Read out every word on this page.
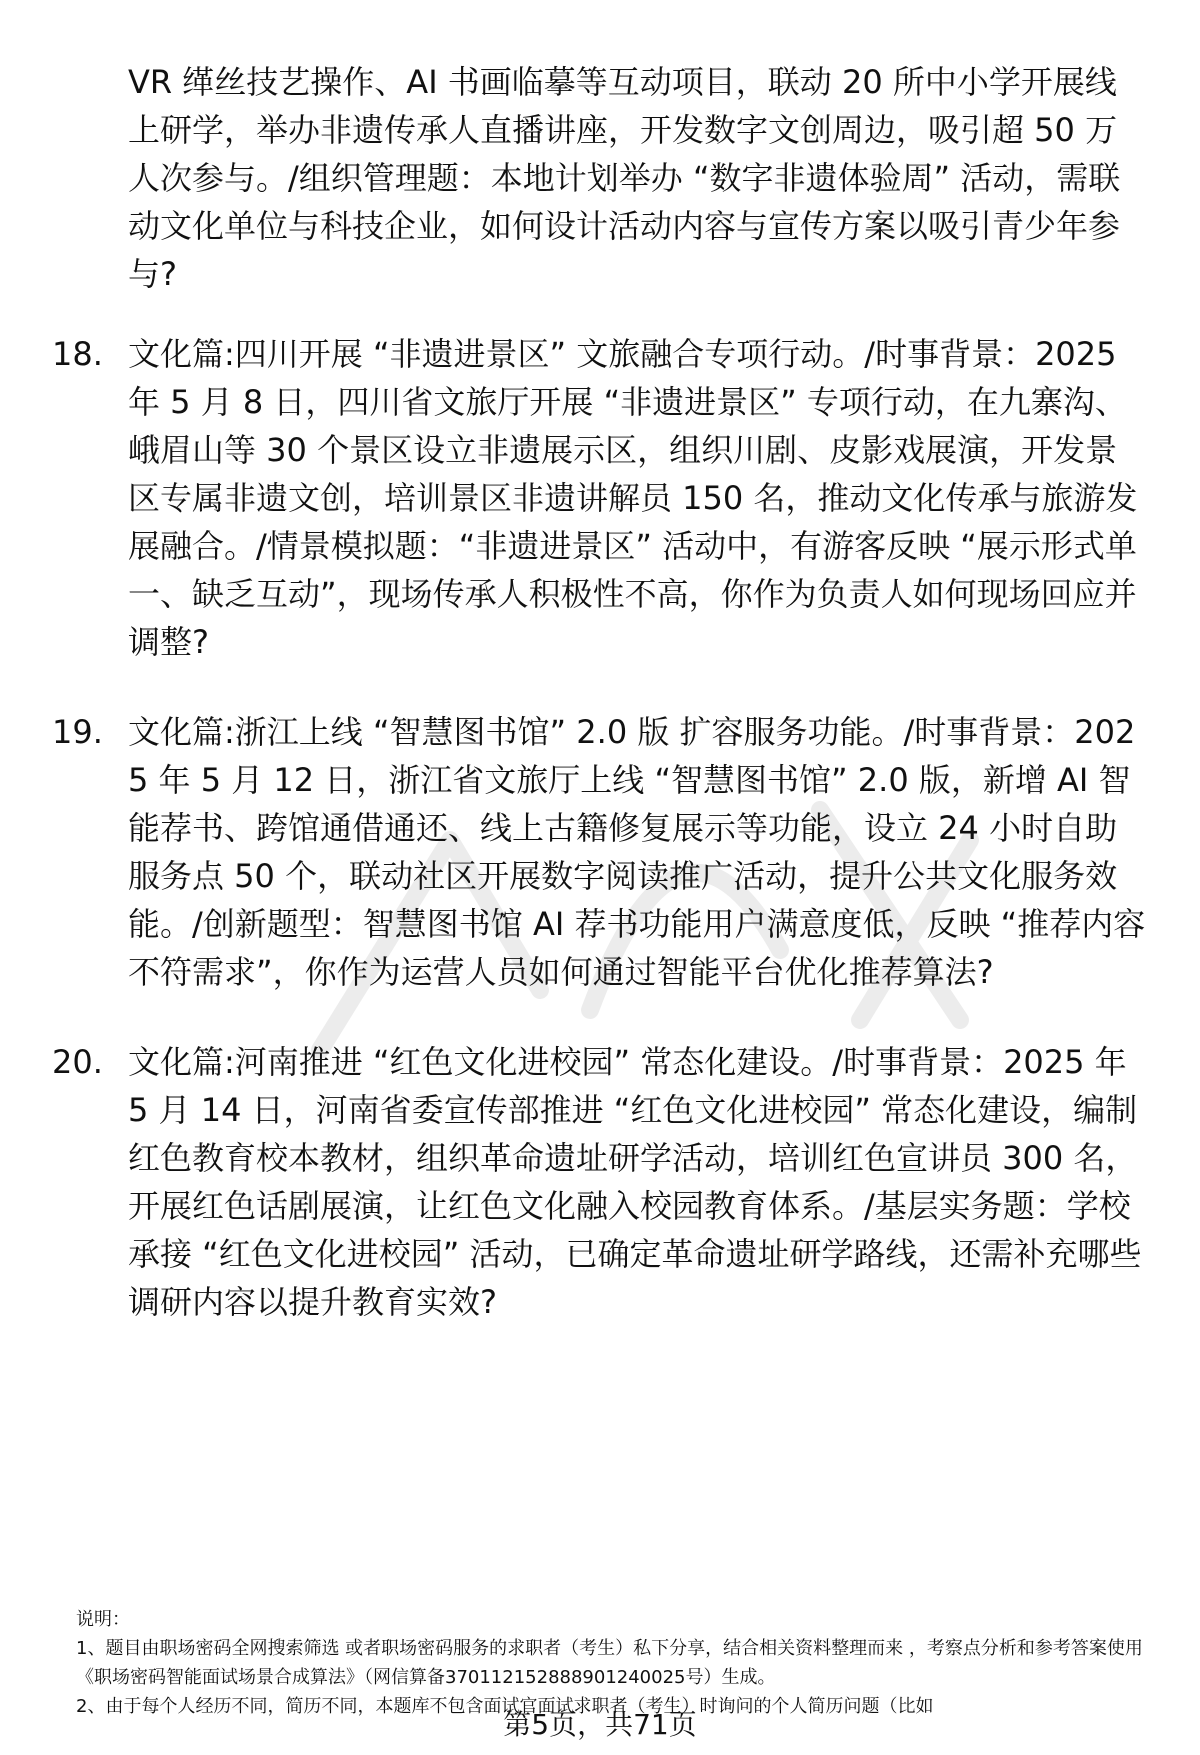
VR 缂丝技艺操作、AI 书画临摹等互动项目，联动 20 所中小学开展线上研学，举办非遗传承人直播讲座，开发数字文创周边，吸引超 50 万人次参与。/组织管理题：本地计划举办 “数字非遗体验周” 活动，需联动文化单位与科技企业，如何设计活动内容与宣传方案以吸引青少年参与?
18. 文化篇:四川开展 “非遗进景区” 文旅融合专项行动。/时事背景：2025 年 5 月 8 日，四川省文旅厅开展 “非遗进景区” 专项行动，在九寨沟、峨眉山等 30 个景区设立非遗展示区，组织川剧、皮影戏展演，开发景区专属非遗文创，培训景区非遗讲解员 150 名，推动文化传承与旅游发展融合。/情景模拟题：“非遗进景区” 活动中，有游客反映 “展示形式单一、缺乏互动”，现场传承人积极性不高，你作为负责人如何现场回应并调整?
19. 文化篇:浙江上线 “智慧图书馆” 2.0 版 扩容服务功能。/时事背景：2025 年 5 月 12 日，浙江省文旅厅上线 “智慧图书馆” 2.0 版，新增 AI 智能荐书、跨馆通借通还、线上古籍修复展示等功能，设立 24 小时自助服务点 50 个，联动社区开展数字阅读推广活动，提升公共文化服务效能。/创新题型：智慧图书馆 AI 荐书功能用户满意度低，反映 “推荐内容不符需求”，你作为运营人员如何通过智能平台优化推荐算法?
20. 文化篇:河南推进 “红色文化进校园” 常态化建设。/时事背景：2025 年 5 月 14 日，河南省委宣传部推进 “红色文化进校园” 常态化建设，编制红色教育校本教材，组织革命遗址研学活动，培训红色宣讲员 300 名，开展红色话剧展演，让红色文化融入校园教育体系。/基层实务题：学校承接 “红色文化进校园” 活动，已确定革命遗址研学路线，还需补充哪些调研内容以提升教育实效?

说明：

1、题目由职场密码全网搜索筛选 或者职场密码服务的求职者（考生）私下分享，结合相关资料整理而来 ，考察点分析和参考答案使用《职场密码智能面试场景合成算法》（网信算备370112152888901240025号）生成。

2、由于每个人经历不同，简历不同，本题库不包含面试官面试求职者（考生）时询问的个人简历问题（比如

第5页，共71页
